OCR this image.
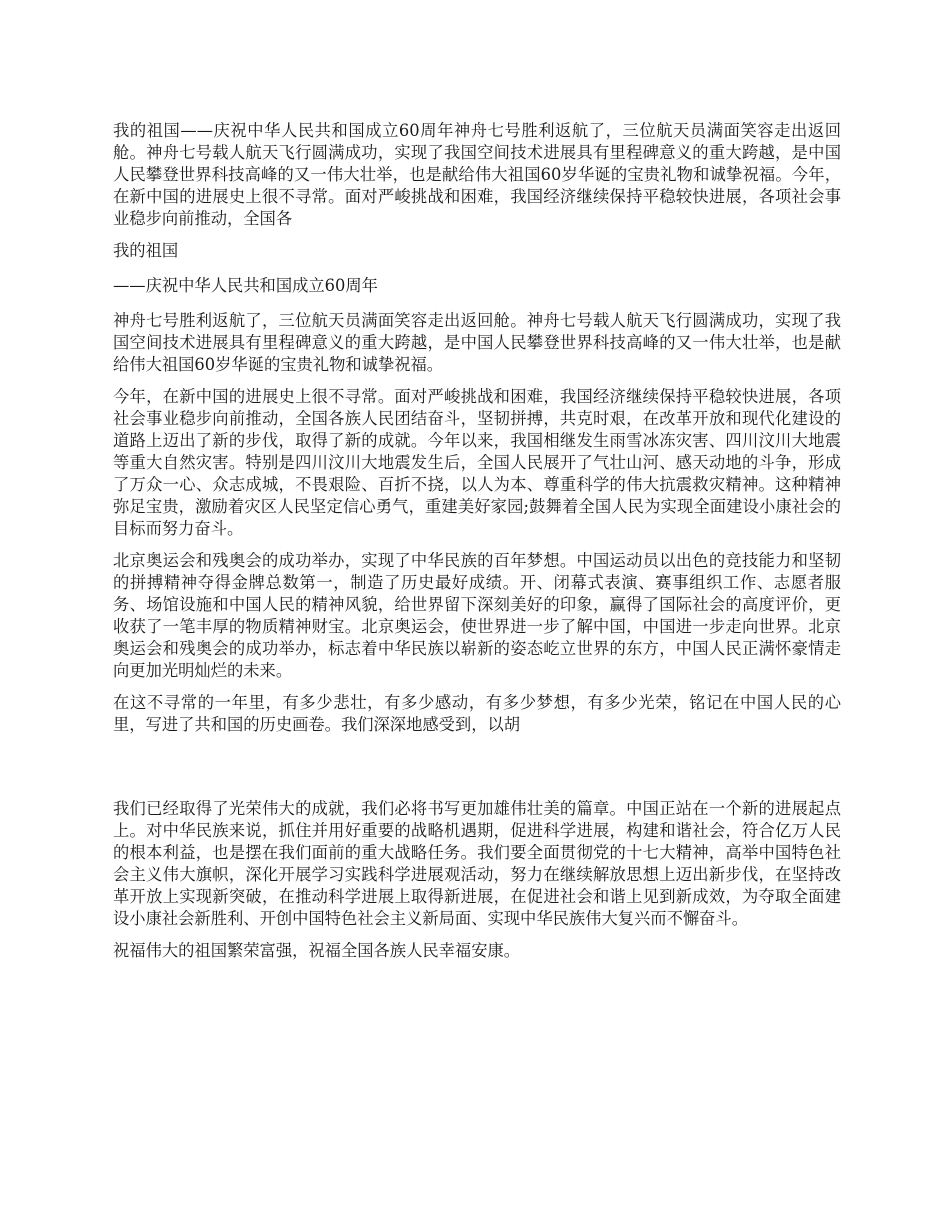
我的祖国——庆祝中华人民共和国成立60周年神舟七号胜利返航了，三位航天员满面笑容走出返回舱。神舟七号载人航天飞行圆满成功，实现了我国空间技术进展具有里程碑意义的重大跨越，是中国人民攀登世界科技高峰的又一伟大壮举，也是献给伟大祖国60岁华诞的宝贵礼物和诚挚祝福。今年，在新中国的进展史上很不寻常。面对严峻挑战和困难，我国经济继续保持平稳较快进展，各项社会事业稳步向前推动，全国各

我的祖国

——庆祝中华人民共和国成立60周年

神舟七号胜利返航了，三位航天员满面笑容走出返回舱。神舟七号载人航天飞行圆满成功，实现了我国空间技术进展具有里程碑意义的重大跨越，是中国人民攀登世界科技高峰的又一伟大壮举，也是献给伟大祖国60岁华诞的宝贵礼物和诚挚祝福。

今年，在新中国的进展史上很不寻常。面对严峻挑战和困难，我国经济继续保持平稳较快进展，各项社会事业稳步向前推动，全国各族人民团结奋斗，坚韧拼搏，共克时艰，在改革开放和现代化建设的道路上迈出了新的步伐，取得了新的成就。今年以来，我国相继发生雨雪冰冻灾害、四川汶川大地震等重大自然灾害。特别是四川汶川大地震发生后，全国人民展开了气壮山河、感天动地的斗争，形成了万众一心、众志成城，不畏艰险、百折不挠，以人为本、尊重科学的伟大抗震救灾精神。这种精神弥足宝贵，激励着灾区人民坚定信心勇气，重建美好家园;鼓舞着全国人民为实现全面建设小康社会的目标而努力奋斗。

北京奥运会和残奥会的成功举办，实现了中华民族的百年梦想。中国运动员以出色的竞技能力和坚韧的拼搏精神夺得金牌总数第一，制造了历史最好成绩。开、闭幕式表演、赛事组织工作、志愿者服务、场馆设施和中国人民的精神风貌，给世界留下深刻美好的印象，赢得了国际社会的高度评价，更收获了一笔丰厚的物质精神财宝。北京奥运会，使世界进一步了解中国，中国进一步走向世界。北京奥运会和残奥会的成功举办，标志着中华民族以崭新的姿态屹立世界的东方，中国人民正满怀豪情走向更加光明灿烂的未来。

在这不寻常的一年里，有多少悲壮，有多少感动，有多少梦想，有多少光荣，铭记在中国人民的心里，写进了共和国的历史画卷。我们深深地感受到，以胡

我们已经取得了光荣伟大的成就，我们必将书写更加雄伟壮美的篇章。中国正站在一个新的进展起点上。对中华民族来说，抓住并用好重要的战略机遇期，促进科学进展，构建和谐社会，符合亿万人民的根本利益，也是摆在我们面前的重大战略任务。我们要全面贯彻党的十七大精神，高举中国特色社会主义伟大旗帜，深化开展学习实践科学进展观活动，努力在继续解放思想上迈出新步伐，在坚持改革开放上实现新突破，在推动科学进展上取得新进展，在促进社会和谐上见到新成效，为夺取全面建设小康社会新胜利、开创中国特色社会主义新局面、实现中华民族伟大复兴而不懈奋斗。

祝福伟大的祖国繁荣富强，祝福全国各族人民幸福安康。
